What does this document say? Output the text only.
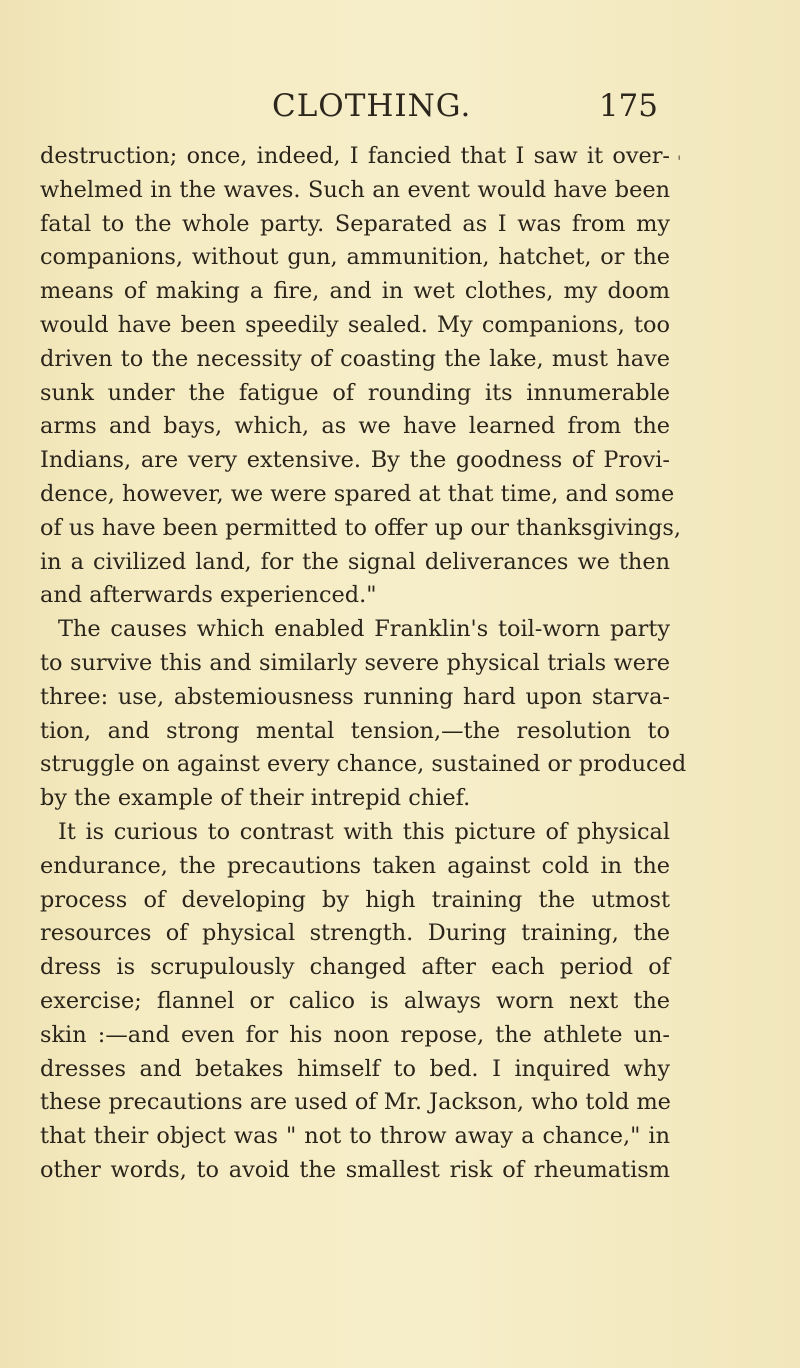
CLOTHING.	175
'
destruction; once, indeed, I fancied that I saw it over-
whelmed in the waves. Such an event would have been
fatal to the whole party. Separated as I was from my
companions, without gun, ammunition, hatchet, or the
means of making a fire, and in wet clothes, my doom
would have been speedily sealed. My companions, too
driven to the necessity of coasting the lake, must have
sunk under the fatigue of rounding its innumerable
arms and bays, which, as we have learned from the
Indians, are very extensive. By the goodness of Provi-
dence, however, we were spared at that time, and some
of us have been permitted to offer up our thanksgivings,
in a civilized land, for the signal deliverances we then
and afterwards experienced."
The causes which enabled Franklin's toil-worn party
to survive this and similarly severe physical trials were
three: use, abstemiousness running hard upon starva-
tion, and strong mental tension,—the resolution to
struggle on against every chance, sustained or produced
by the example of their intrepid chief.
It is curious to contrast with this picture of physical
endurance, the precautions taken against cold in the
process of developing by high training the utmost
resources of physical strength. During training, the
dress is scrupulously changed after each period of
exercise; flannel or calico is always worn next the
skin :—and even for his noon repose, the athlete un-
dresses and betakes himself to bed. I inquired why
these precautions are used of Mr. Jackson, who told me
that their object was " not to throw away a chance," in
other words, to avoid the smallest risk of rheumatism
